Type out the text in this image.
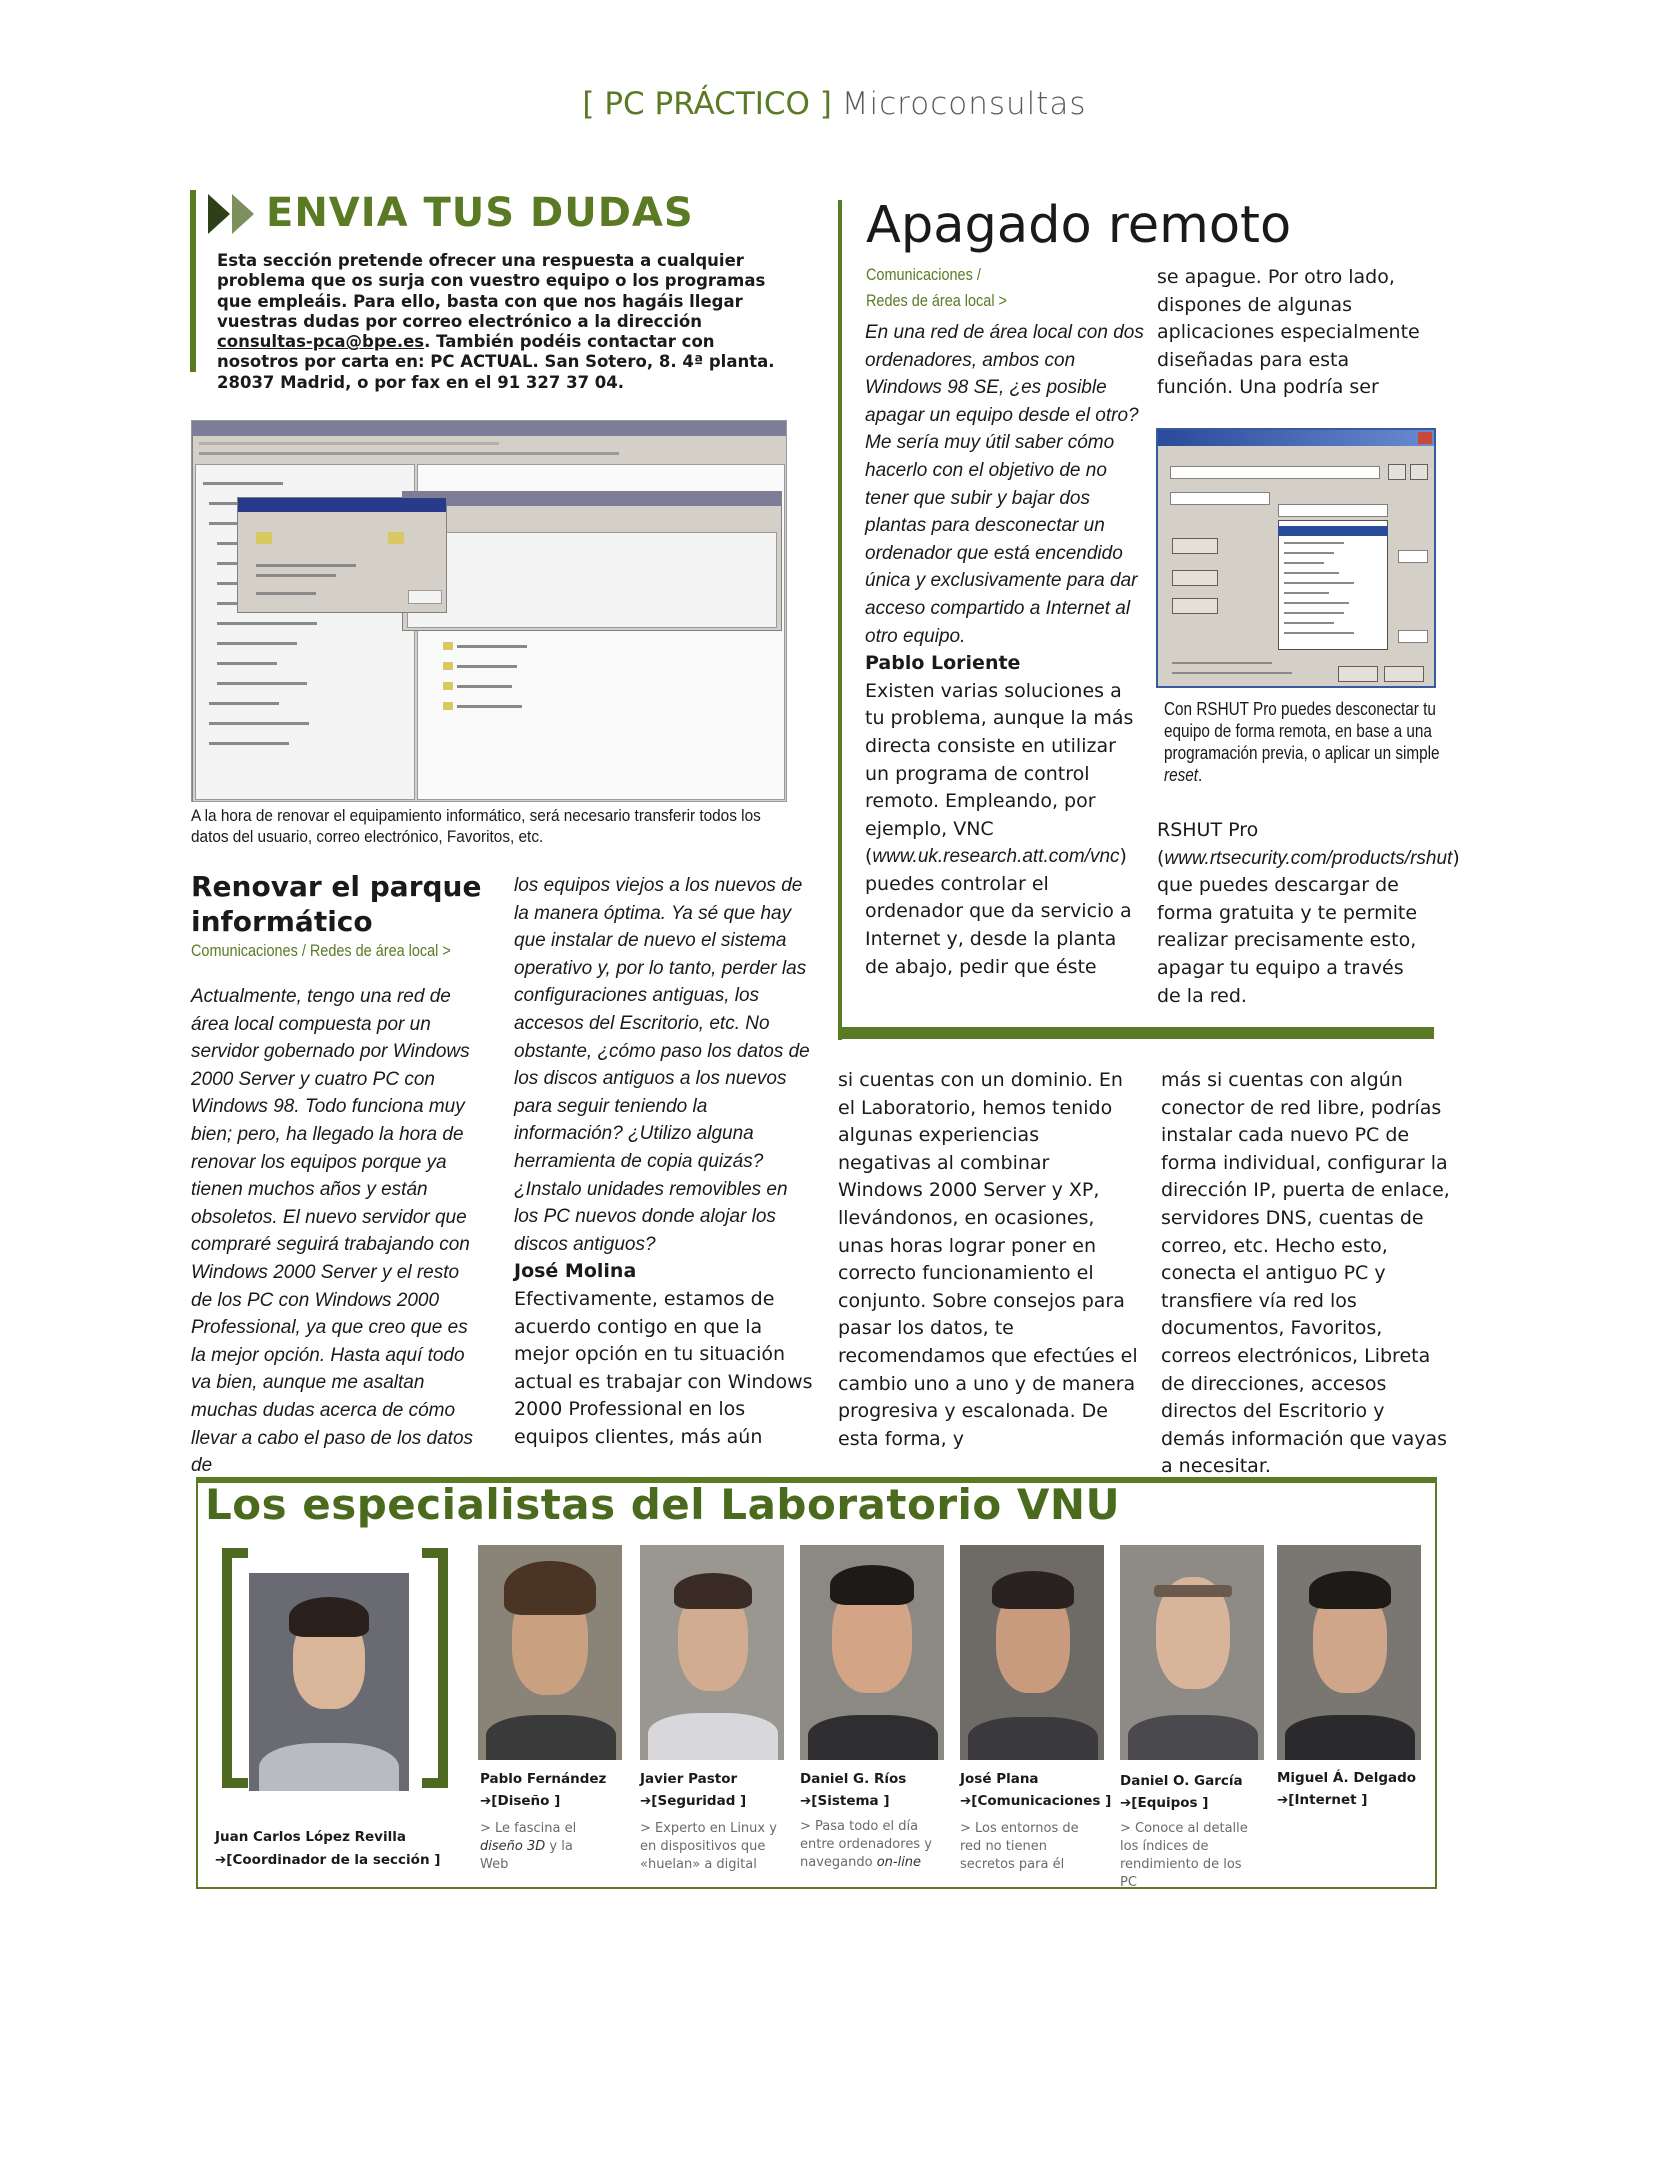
[ PC PRÁCTICO ] Microconsultas
ENVIA TUS DUDAS
Esta sección pretende ofrecer una respuesta a cualquier problema que os surja con vuestro equipo o los programas que empleáis. Para ello, basta con que nos hagáis llegar vuestras dudas por correo electrónico a la dirección consultas-pca@bpe.es. También podéis contactar con nosotros por carta en: PC ACTUAL. San Sotero, 8. 4ª planta. 28037 Madrid, o por fax en el 91 327 37 04.
A la hora de renovar el equipamiento informático, será necesario transferir todos los datos del usuario, correo electrónico, Favoritos, etc.
Renovar el parque informático
Comunicaciones / Redes de área local >
Actualmente, tengo una red de área local compuesta por un servidor gobernado por Windows 2000 Server y cuatro PC con Windows 98. Todo funciona muy bien; pero, ha llegado la hora de renovar los equipos porque ya tienen muchos años y están obsoletos. El nuevo servidor que compraré seguirá trabajando con Windows 2000 Server y el resto de los PC con Windows 2000 Professional, ya que creo que es la mejor opción. Hasta aquí todo va bien, aunque me asaltan muchas dudas acerca de cómo llevar a cabo el paso de los datos de
los equipos viejos a los nuevos de la manera óptima. Ya sé que hay que instalar de nuevo el sistema operativo y, por lo tanto, perder las configuraciones antiguas, los accesos del Escritorio, etc. No obstante, ¿cómo paso los datos de los discos antiguos a los nuevos para seguir teniendo la información? ¿Utilizo alguna herramienta de copia quizás? ¿Instalo unidades removibles en los PC nuevos donde alojar los discos antiguos?
José Molina
Efectivamente, estamos de acuerdo contigo en que la mejor opción en tu situación actual es trabajar con Windows 2000 Professional en los equipos clientes, más aún
Apagado remoto
Comunicaciones /
Redes de área local >
En una red de área local con dos ordenadores, ambos con Windows 98 SE, ¿es posible apagar un equipo desde el otro? Me sería muy útil saber cómo hacerlo con el objetivo de no tener que subir y bajar dos plantas para desconectar un ordenador que está encendido única y exclusivamente para dar acceso compartido a Internet al otro equipo.
Pablo Loriente
Existen varias soluciones a tu problema, aunque la más directa consiste en utilizar un programa de control remoto. Empleando, por ejemplo, VNC (www.uk.research.att.com/vnc) puedes controlar el ordenador que da servicio a Internet y, desde la planta de abajo, pedir que éste
se apague. Por otro lado, dispones de algunas aplicaciones especialmente diseñadas para esta función. Una podría ser
Con RSHUT Pro puedes desconectar tu equipo de forma remota, en base a una programación previa, o aplicar un simple reset.
RSHUT Pro (www.rtsecurity.com/products/rshut) que puedes descargar de forma gratuita y te permite realizar precisamente esto, apagar tu equipo a través de la red.
si cuentas con un dominio. En el Laboratorio, hemos tenido algunas experiencias negativas al combinar Windows 2000 Server y XP, llevándonos, en ocasiones, unas horas lograr poner en correcto funcionamiento el conjunto. Sobre consejos para pasar los datos, te recomendamos que efectúes el cambio uno a uno y de manera progresiva y escalonada. De esta forma, y
más si cuentas con algún conector de red libre, podrías instalar cada nuevo PC de forma individual, configurar la dirección IP, puerta de enlace, servidores DNS, cuentas de correo, etc. Hecho esto, conecta el antiguo PC y transfiere vía red los documentos, Favoritos, correos electrónicos, Libreta de direcciones, accesos directos del Escritorio y demás información que vayas a necesitar.
Los especialistas del Laboratorio VNU
Juan Carlos López Revilla
➔[Coordinador de la sección ]
Pablo Fernández
➔[Diseño ]
> Le fascina el diseño 3D y la Web
Javier Pastor
➔[Seguridad ]
> Experto en Linux y en dispositivos que «huelan» a digital
Daniel G. Ríos
➔[Sistema ]
> Pasa todo el día entre ordenadores y navegando on-line
José Plana
➔[Comunicaciones ]
> Los entornos de red no tienen secretos para él
Daniel O. García
➔[Equipos ]
> Conoce al detalle los índices de rendimiento de los PC
Miguel Á. Delgado
➔[Internet ]
